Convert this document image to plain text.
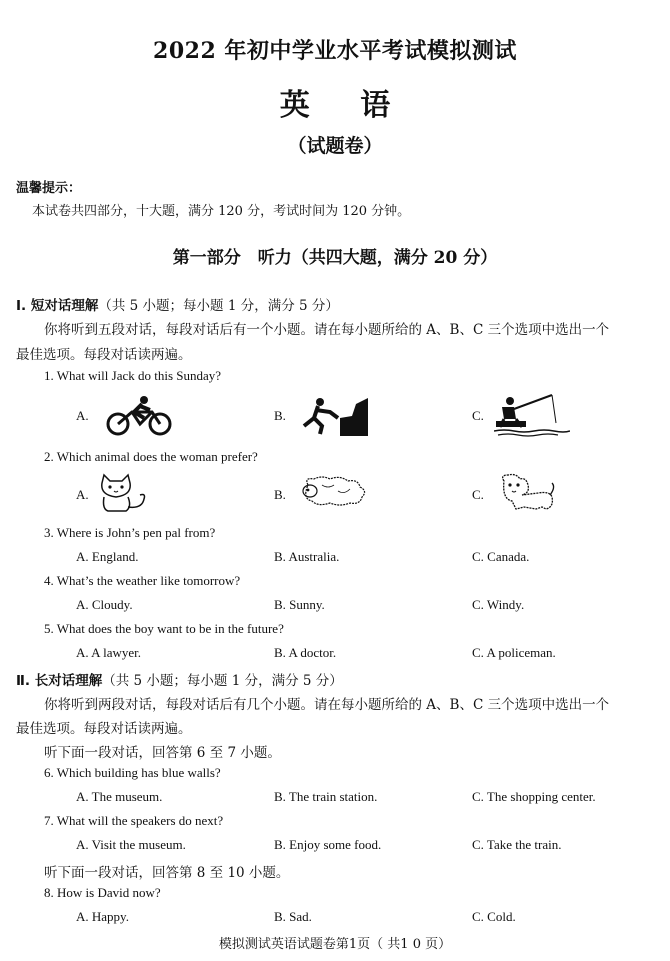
2022 年初中学业水平考试模拟测试
英 语
（试题卷）
温馨提示：
本试卷共四部分，十大题，满分 120 分，考试时间为 120 分钟。
第一部分　听力（共四大题，满分 20 分）
Ⅰ. 短对话理解（共 5 小题；每小题 1 分，满分 5 分）
你将听到五段对话，每段对话后有一个小题。请在每小题所给的 A、B、C 三个选项中选出一个
最佳选项。每段对话读两遍。
1. What will Jack do this Sunday?
A.	B.	C.
2. Which animal does the woman prefer?
A.	B.	C.
3. Where is John’s pen pal from?
A. England.	B. Australia.	C. Canada.
4. What’s the weather like tomorrow?
A. Cloudy.	B. Sunny.	C. Windy.
5. What does the boy want to be in the future?
A. A lawyer.	B. A doctor.	C. A policeman.
Ⅱ. 长对话理解（共 5 小题；每小题 1 分，满分 5 分）
你将听到两段对话，每段对话后有几个小题。请在每小题所给的 A、B、C 三个选项中选出一个
最佳选项。每段对话读两遍。
听下面一段对话，回答第 6 至 7 小题。
6. Which building has blue walls?
A. The museum.	B. The train station.	C. The shopping center.
7. What will the speakers do next?
A. Visit the museum.	B. Enjoy some food.	C. Take the train.
听下面一段对话，回答第 8 至 10 小题。
8. How is David now?
A. Happy.	B. Sad.	C. Cold.
模拟测试英语试题卷第1页（ 共1 0 页）
